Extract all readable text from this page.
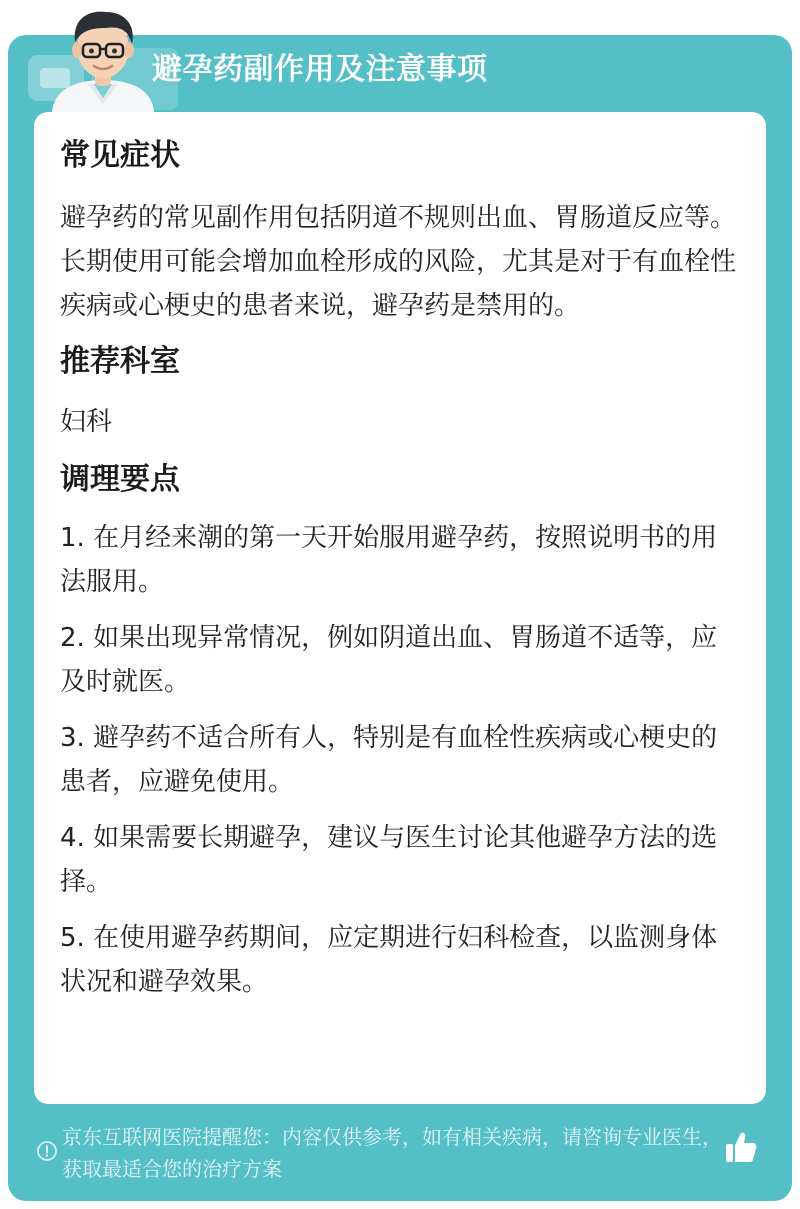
避孕药副作用及注意事项
常见症状

避孕药的常见副作用包括阴道不规则出血、胃肠道反应等。长期使用可能会增加血栓形成的风险，尤其是对于有血栓性疾病或心梗史的患者来说，避孕药是禁用的。

推荐科室

妇科

调理要点

1. 在月经来潮的第一天开始服用避孕药，按照说明书的用法服用。

2. 如果出现异常情况，例如阴道出血、胃肠道不适等，应及时就医。

3. 避孕药不适合所有人，特别是有血栓性疾病或心梗史的患者，应避免使用。

4. 如果需要长期避孕，建议与医生讨论其他避孕方法的选择。

5. 在使用避孕药期间，应定期进行妇科检查，以监测身体状况和避孕效果。

京东互联网医院提醒您：内容仅供参考，如有相关疾病，请咨询专业医生，获取最适合您的治疗方案
